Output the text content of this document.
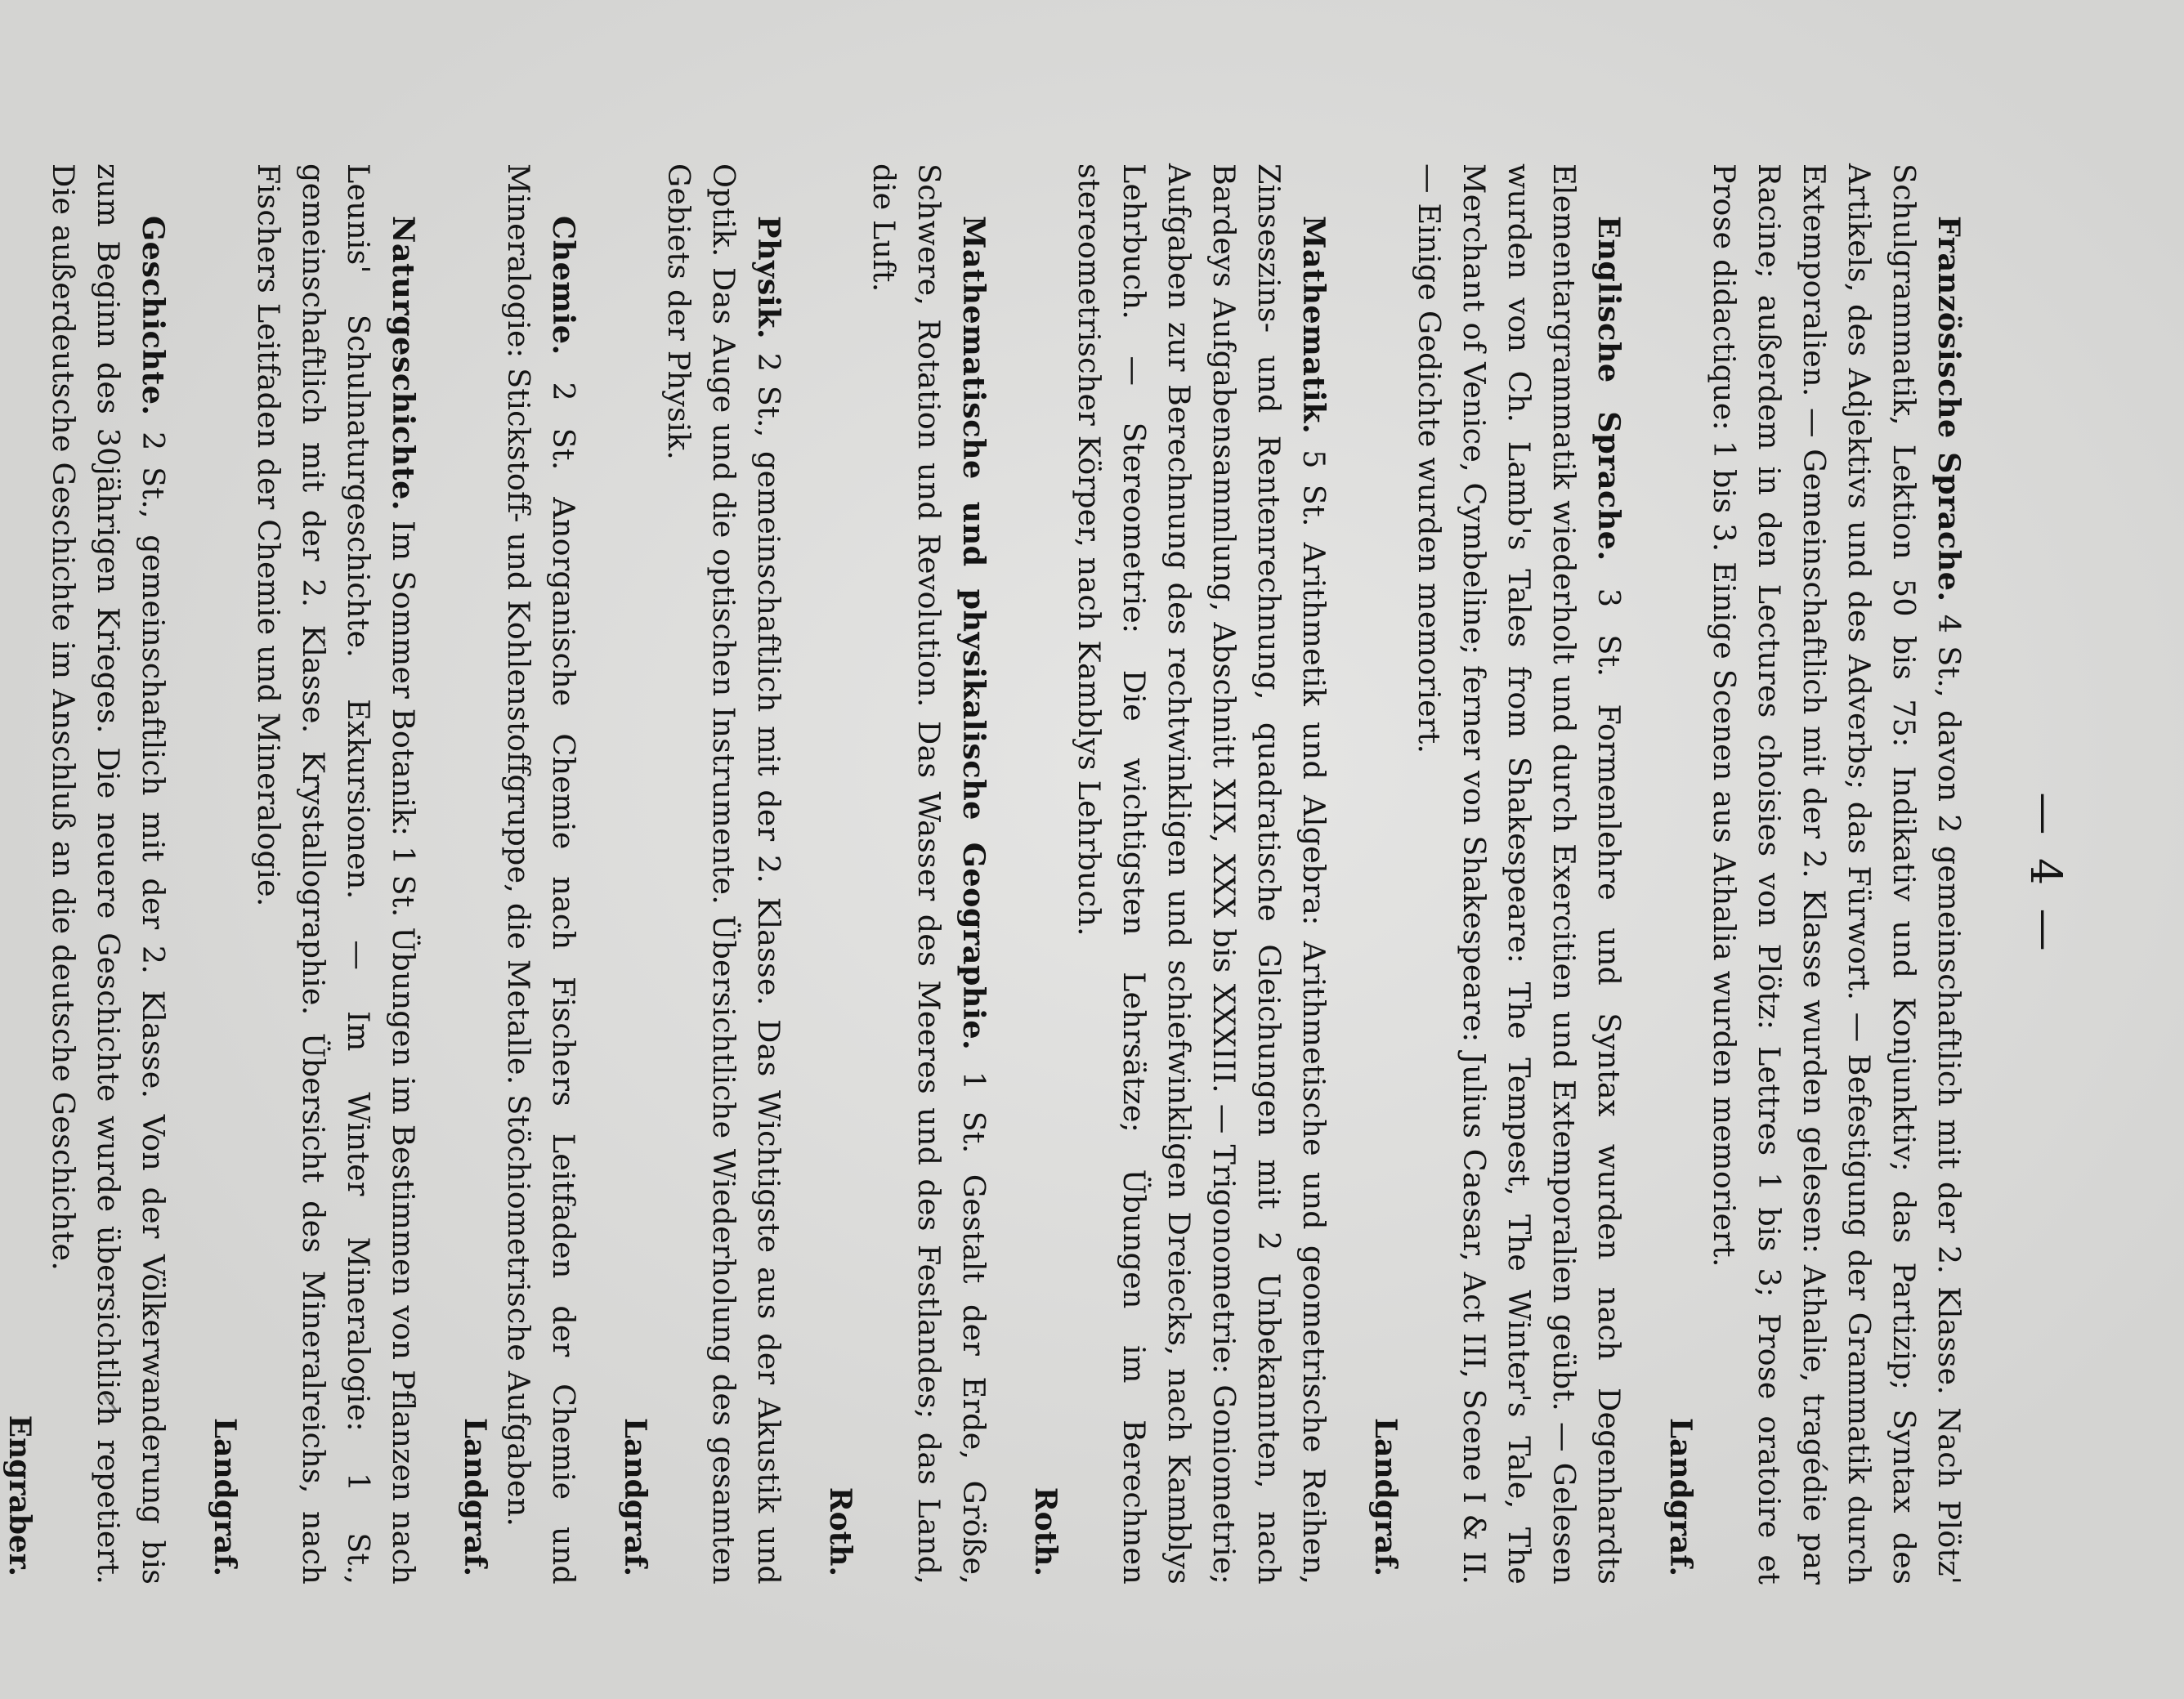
— 4 —

Französische Sprache. 4 St., davon 2 gemeinschaftlich mit der 2. Klasse. Nach Plötz' Schulgrammatik, Lektion 50 bis 75: Indikativ und Konjunktiv; das Partizip; Syntax des Artikels, des Adjektivs und des Adverbs; das Fürwort. — Befestigung der Grammatik durch Extemporalien. — Gemeinschaftlich mit der 2. Klasse wurden gelesen: Athalie, tragédie par Racine; außerdem in den Lectures choisies von Plötz: Lettres 1 bis 3; Prose oratoire et Prose didactique: 1 bis 3. Einige Scenen aus Athalia wurden memoriert.

Landgraf.

Englische Sprache. 3 St. Formenlehre und Syntax wurden nach Degenhardts Elementargrammatik wiederholt und durch Exercitien und Extemporalien geübt. — Gelesen wurden von Ch. Lamb's Tales from Shakespeare: The Tempest, The Winter's Tale, The Merchant of Venice, Cymbeline; ferner von Shakespeare: Julius Caesar, Act III, Scene I & II. — Einige Gedichte wurden memoriert.

Landgraf.

Mathematik. 5 St. Arithmetik und Algebra: Arithmetische und geometrische Reihen, Zinseszins- und Rentenrechnung, quadratische Gleichungen mit 2 Unbekannten, nach Bardeys Aufgabensammlung, Abschnitt XIX, XXX bis XXXIII. — Trigonometrie: Goniometrie; Aufgaben zur Berechnung des rechtwinkligen und schiefwinkligen Dreiecks, nach Kamblys Lehrbuch. — Stereometrie: Die wichtigsten Lehrsätze; Übungen im Berechnen stereometrischer Körper, nach Kamblys Lehrbuch.

Roth.

Mathematische und physikalische Geographie. 1 St. Gestalt der Erde, Größe, Schwere, Rotation und Revolution. Das Wasser des Meeres und des Festlandes; das Land, die Luft.

Roth.

Physik. 2 St., gemeinschaftlich mit der 2. Klasse. Das Wichtigste aus der Akustik und Optik. Das Auge und die optischen Instrumente. Übersichtliche Wiederholung des gesamten Gebiets der Physik.

Landgraf.

Chemie. 2 St. Anorganische Chemie nach Fischers Leitfaden der Chemie und Mineralogie: Stickstoff- und Kohlenstoffgruppe, die Metalle. Stöchiometrische Aufgaben.

Landgraf.

Naturgeschichte. Im Sommer Botanik: 1 St. Übungen im Bestimmen von Pflanzen nach Leunis' Schulnaturgeschichte. Exkursionen. — Im Winter Mineralogie: 1 St., gemeinschaftlich mit der 2. Klasse. Krystallographie. Übersicht des Mineralreichs, nach Fischers Leitfaden der Chemie und Mineralogie.

Landgraf.

Geschichte. 2 St., gemeinschaftlich mit der 2. Klasse. Von der Völkerwanderung bis zum Beginn des 30jährigen Krieges. Die neuere Geschichte wurde übersichtlich repetiert. Die außerdeutsche Geschichte im Anschluß an die deutsche Geschichte.

Engraber.
